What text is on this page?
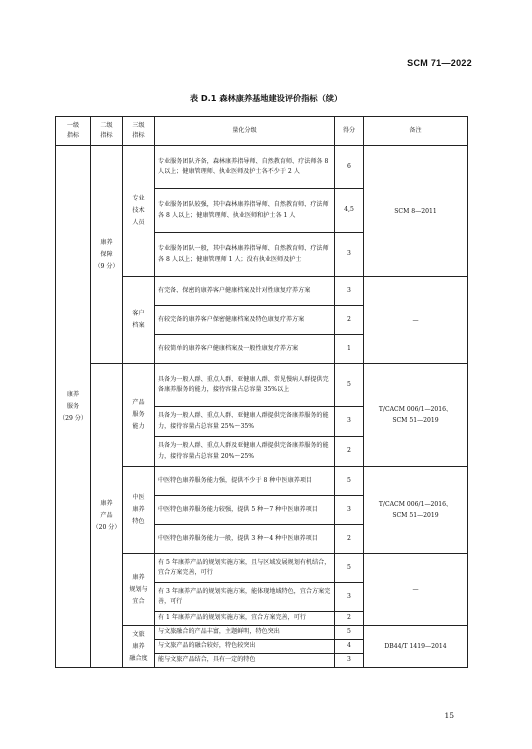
SCM 71—2022
表 D.1 森林康养基地建设评价指标（续）
一级
指标	二级
指标	三级
指标	量化分级	得分	备注
康养
服务
（29 分）	康养
保障
（9 分）	专业
技术
人员	专业服务团队齐备，森林康养指导师、自然教育师、疗法师各 8 人以上；健康管理师、执业医师及护士各不少于 2 人	6	SCM 8—2011
			专业服务团队较强，其中森林康养指导师、自然教育师、疗法师各 8 人以上；健康管理师、执业医师和护士各 1 人	4,5	
			专业服务团队一般，其中森林康养指导师、自然教育师、疗法师各 8 人以上；健康管理师 1 人；没有执业医师及护士	3	
		客户
档案	有完备、保密的康养客户健康档案及针对性康复疗养方案	3	—
			有较完备的康养客户保密健康档案及特色康复疗养方案	2	
			有较简单的康养客户健康档案及一般性康复疗养方案	1	
	康养
产品
（20 分）	产品
服务
能力	具备为一般人群、重点人群、亚健康人群、常见慢病人群提供完备康养服务的能力，接待容量占总容量 35%以上	5	T/CACM 006/1—2016、
SCM 51—2019
			具备为一般人群、重点人群、亚健康人群提供完备康养服务的能力，接待容量占总容量 25%～35%	3	
			具备为一般人群、重点人群及亚健康人群提供完备康养服务的能力，接待容量占总容量 20%～25%	2	
		中医
康养
特色	中医特色康养服务能力强，提供不少于 8 种中医康养项目	5	T/CACM 006/1—2016、
SCM 51—2019
			中医特色康养服务能力较强，提供 5 种～7 种中医康养项目	3	
			中医特色康养服务能力一般，提供 3 种～4 种中医康养项目	2	
		康养
规划与
宜合	有 5 年康养产品的规划实施方案，且与区域发展规划有机结合，宜合方案完善，可行	5	—
			有 3 年康养产品的规划实施方案，能体现地域特色，宜合方案完善，可行	3	
			有 1 年康养产品的规划实施方案，宜合方案完善，可行	2	
		文旅
康养
融合度	与文旅融合的产品丰富，主题鲜明，特色突出	5	DB44/T 1419—2014
			与文旅产品的融合较好，特色较突出	4	
			能与文旅产品结合，具有一定的特色	3	
15
